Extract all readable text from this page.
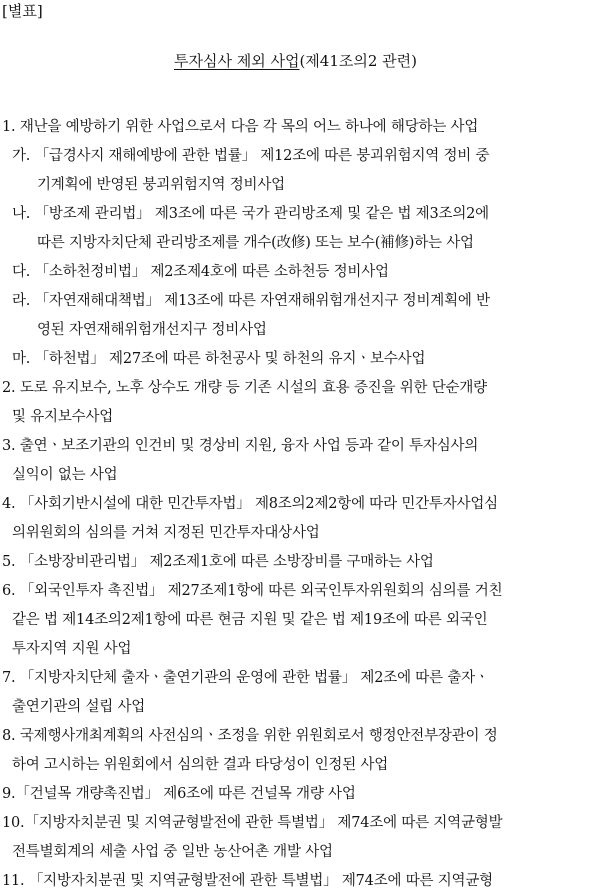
[별표]
투자심사 제외 사업(제41조의2 관련)
1. 재난을 예방하기 위한 사업으로서 다음 각 목의 어느 하나에 해당하는 사업
가. 「급경사지 재해예방에 관한 법률」 제12조에 따른 붕괴위험지역 정비 중
기계획에 반영된 붕괴위험지역 정비사업
나. 「방조제 관리법」 제3조에 따른 국가 관리방조제 및 같은 법 제3조의2에
따른 지방자치단체 관리방조제를 개수(改修) 또는 보수(補修)하는 사업
다. 「소하천정비법」 제2조제4호에 따른 소하천등 정비사업
라. 「자연재해대책법」 제13조에 따른 자연재해위험개선지구 정비계획에 반
영된 자연재해위험개선지구 정비사업
마. 「하천법」 제27조에 따른 하천공사 및 하천의 유지ㆍ보수사업
2. 도로 유지보수, 노후 상수도 개량 등 기존 시설의 효용 증진을 위한 단순개량
및 유지보수사업
3. 출연ㆍ보조기관의 인건비 및 경상비 지원, 융자 사업 등과 같이 투자심사의
실익이 없는 사업
4. 「사회기반시설에 대한 민간투자법」 제8조의2제2항에 따라 민간투자사업심
의위원회의 심의를 거쳐 지정된 민간투자대상사업
5. 「소방장비관리법」 제2조제1호에 따른 소방장비를 구매하는 사업
6. 「외국인투자 촉진법」 제27조제1항에 따른 외국인투자위원회의 심의를 거친
같은 법 제14조의2제1항에 따른 현금 지원 및 같은 법 제19조에 따른 외국인
투자지역 지원 사업
7. 「지방자치단체 출자ㆍ출연기관의 운영에 관한 법률」 제2조에 따른 출자ㆍ
출연기관의 설립 사업
8. 국제행사개최계획의 사전심의ㆍ조정을 위한 위원회로서 행정안전부장관이 정
하여 고시하는 위원회에서 심의한 결과 타당성이 인정된 사업
9.「건널목 개량촉진법」 제6조에 따른 건널목 개량 사업
10.「지방자치분권 및 지역균형발전에 관한 특별법」 제74조에 따른 지역균형발
전특별회계의 세출 사업 중 일반 농산어촌 개발 사업
11. 「지방자치분권 및 지역균형발전에 관한 특별법」 제74조에 따른 지역균형
